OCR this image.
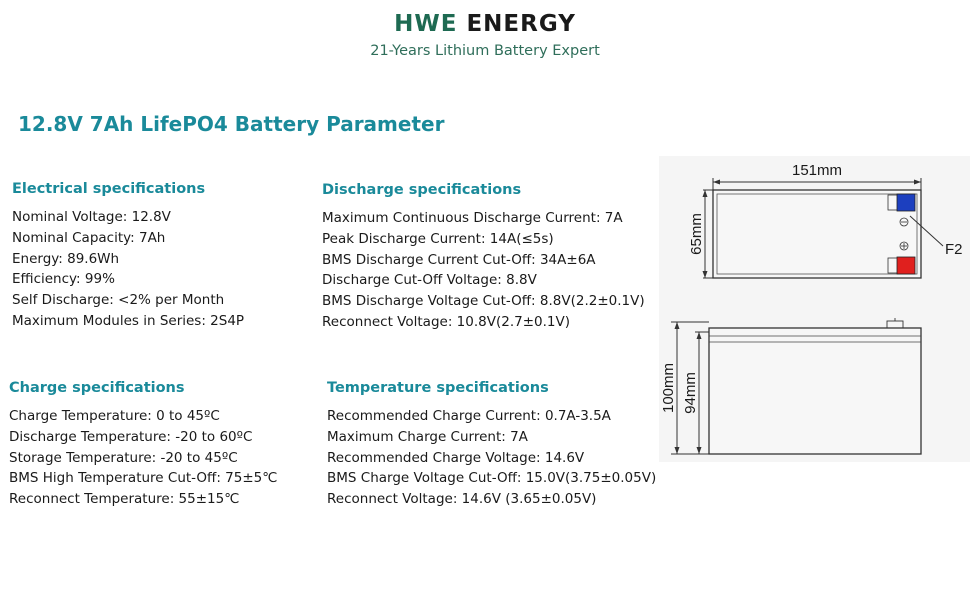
HWE ENERGY
21-Years Lithium Battery Expert
12.8V 7Ah LifePO4 Battery Parameter
Electrical specifications
Nominal Voltage: 12.8V
Nominal Capacity: 7Ah
Energy: 89.6Wh
Efficiency: 99%
Self Discharge: <2% per Month
Maximum Modules in Series: 2S4P
Discharge specifications
Maximum Continuous Discharge Current: 7A
Peak Discharge Current: 14A(≤5s)
BMS Discharge Current Cut-Off: 34A±6A
Discharge Cut-Off Voltage: 8.8V
BMS Discharge Voltage Cut-Off: 8.8V(2.2±0.1V)
Reconnect Voltage: 10.8V(2.7±0.1V)
Charge specifications
Charge Temperature: 0 to 45ºC
Discharge Temperature: -20 to 60ºC
Storage Temperature: -20 to 45ºC
BMS High Temperature Cut-Off: 75±5℃
Reconnect Temperature: 55±15℃
Temperature specifications
Recommended Charge Current: 0.7A-3.5A
Maximum Charge Current: 7A
Recommended Charge Voltage: 14.6V
BMS Charge Voltage Cut-Off: 15.0V(3.75±0.05V)
Reconnect Voltage: 14.6V (3.65±0.05V)
151mm
65mm	F2
100mm 94mm
